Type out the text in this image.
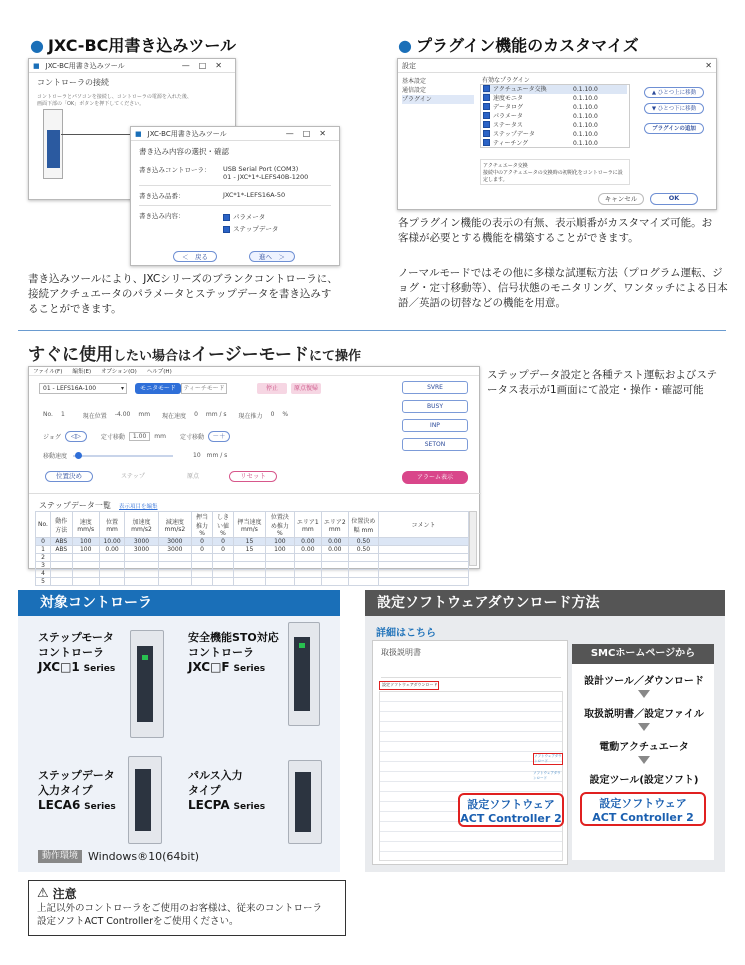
● JXC-BC用書き込みツール
■ JXC-BC用書き込みツール	—□✕
コントローラの接続
コントローラとパソコンを接続し、コントローラの電源を入れた後、
画面下部の「OK」ボタンを押下してください。
■ JXC-BC用書き込みツール	—□✕
書き込み内容の選択・確認
書き込みコントローラ： USB Serial Port (COM3)
01 - JXC*1*-LEFS40B-1200
書き込み品番：	JXC*1*-LEFS16A-50
書き込み内容：	パラメータ
ステップデータ
＜　戻る	進へ　＞
書き込みツールにより、JXCシリーズのブランクコントローラに、
接続アクチュエータのパラメータとステップデータを書き込みす
ることができます。
● プラグイン機能のカスタマイズ
設定	✕
基本設定
通信設定
プラグイン
有効なプラグイン
アクチュエータ交換	0.1.10.0
速度モニタ	0.1.10.0
データログ	0.1.10.0
パラメータ	0.1.10.0
ステータス	0.1.10.0
ステップデータ	0.1.10.0
ティーチング	0.1.10.0
▲ ひとつ上に移動
▼ ひとつ下に移動
プラグインの追加
アクチュエータ交換
接続中のアクチュエータの交換時の初期化をコントローラに設定します。
キャンセル	OK
各プラグイン機能の表示の有無、表示順番がカスタマイズ可能。お
客様が必要とする機能を構築することができます。
ノーマルモードではその他に多様な試運転方法（プログラム運転、ジ
ョグ・定寸移動等）、信号状態のモニタリング、ワンタッチによる日本
語／英語の切替などの機能を用意。
すぐに使用したい場合はイージーモードにて操作
ステップデータ設定と各種テスト運転およびステ
ータス表示が1画面にて設定・操作・確認可能
ファイル(F) 編集(E) オプション(O) ヘルプ(H)
01 - LEFS16A-100	▾	モニタモード	ティーチモード	停止	原点復帰
No. 1	現在位置 -4.00 mm 現在速度 0 mm / s 現在推力 0 %
ジョグ	◁▷	定寸移動	1.00	mm 定寸移動	－＋
移動速度	10 mm / s
位置決め	ステップ	原点	リセット
SVRE
BUSY
INP
SETON
アラーム表示
ステップデータ一覧 表示項目を編集
No.	動作方法	速度 mm/s	位置 mm	加速度 mm/s2	減速度 mm/s2	押当推力 %	しきい値 %	押当速度 mm/s	位置決め推力 %	エリア1 mm	エリア2 mm	位置決め幅 mm	コメント
0	ABS	100	10.00	3000	3000	0	0	15	100	0.00	0.00	0.50	
1	ABS	100	0.00	3000	3000	0	0	15	100	0.00	0.00	0.50	
2													
3													
4													
5													
対象コントローラ
ステップモータ
コントローラ
JXC□1 Series
安全機能STO対応
コントローラ
JXC□F Series
ステップデータ
入力タイプ
LECA6 Series
パルス入力
タイプ
LECPA Series
動作環境 Windows®10(64bit)
設定ソフトウェアダウンロード方法
詳細はこちら
取扱説明書
設定ソフトウェアダウンロード
ソフトウェアダウンロード
ソフトウェアダウンロード
設定ソフトウェア
ACT Controller 2
SMCホームページから
設計ツール／ダウンロード
取扱説明書／設定ファイル
電動アクチュエータ
設定ツール(設定ソフト)
設定ソフトウェア
ACT Controller 2
⚠ 注意
上記以外のコントローラをご使用のお客様は、従来のコントローラ
設定ソフトACT Controllerをご使用ください。
